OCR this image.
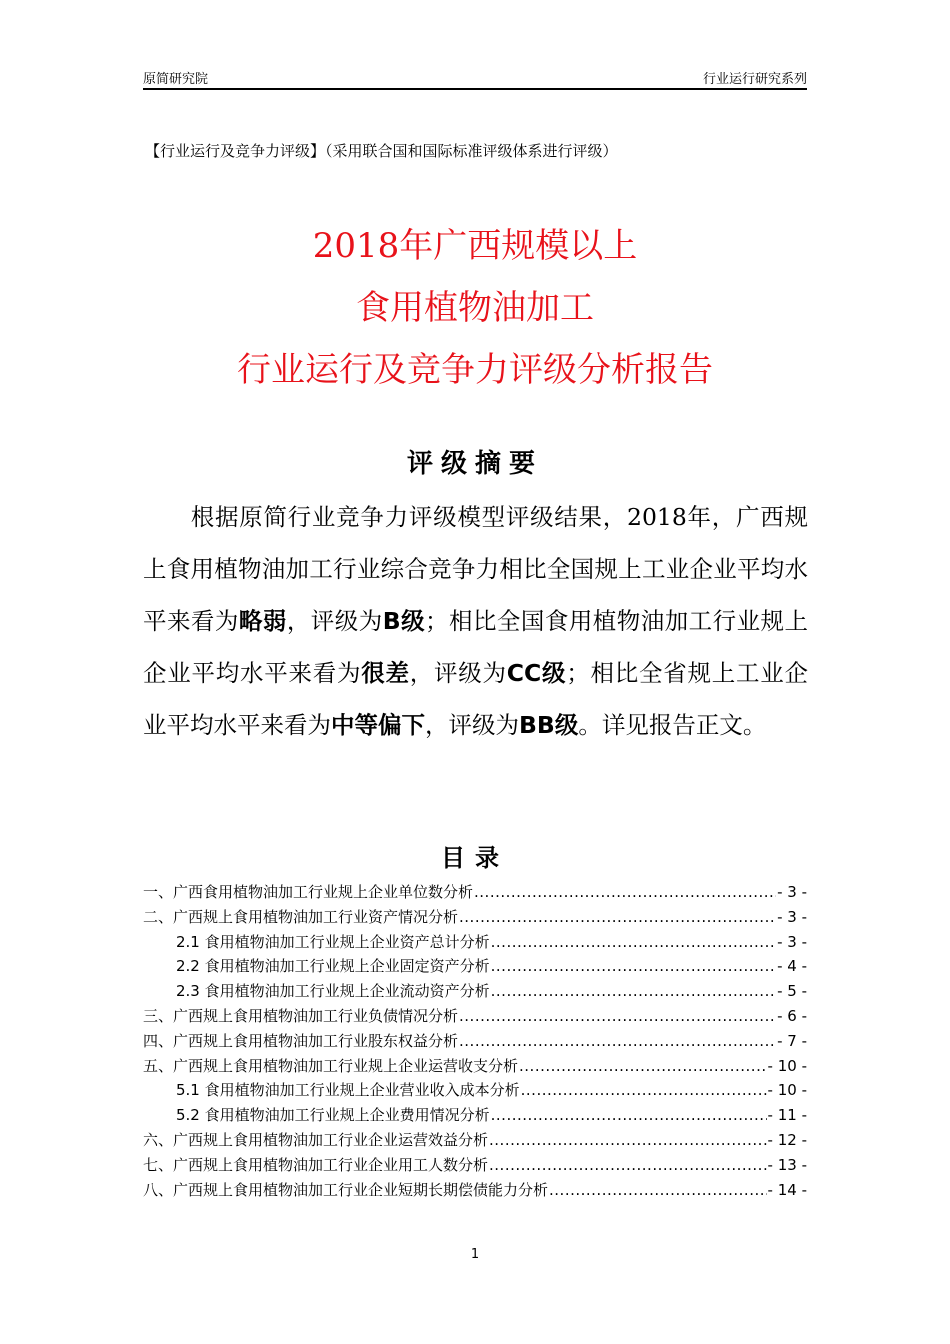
原简研究院	行业运行研究系列
【行业运行及竞争力评级】（采用联合国和国际标准评级体系进行评级）
2018年广西规模以上
食用植物油加工
行业运行及竞争力评级分析报告
评级摘要
根据原简行业竞争力评级模型评级结果，2018年，广西规上食用植物油加工行业综合竞争力相比全国规上工业企业平均水平来看为略弱，评级为B级；相比全国食用植物油加工行业规上企业平均水平来看为很差，评级为CC级；相比全省规上工业企业平均水平来看为中等偏下，评级为BB级。详见报告正文。
目录
一、广西食用植物油加工行业规上企业单位数分析 .....	- 3 -
二、广西规上食用植物油加工行业资产情况分析 .....	- 3 -
2.1 食用植物油加工行业规上企业资产总计分析 .....	- 3 -
2.2 食用植物油加工行业规上企业固定资产分析 .....	- 4 -
2.3 食用植物油加工行业规上企业流动资产分析 .....	- 5 -
三、广西规上食用植物油加工行业负债情况分析 .....	- 6 -
四、广西规上食用植物油加工行业股东权益分析 .....	- 7 -
五、广西规上食用植物油加工行业规上企业运营收支分析 .....	- 10 -
5.1 食用植物油加工行业规上企业营业收入成本分析 .....	- 10 -
5.2 食用植物油加工行业规上企业费用情况分析 .....	- 11 -
六、广西规上食用植物油加工行业企业运营效益分析 .....	- 12 -
七、广西规上食用植物油加工行业企业用工人数分析 .....	- 13 -
八、广西规上食用植物油加工行业企业短期长期偿债能力分析 .....	- 14 -
1
